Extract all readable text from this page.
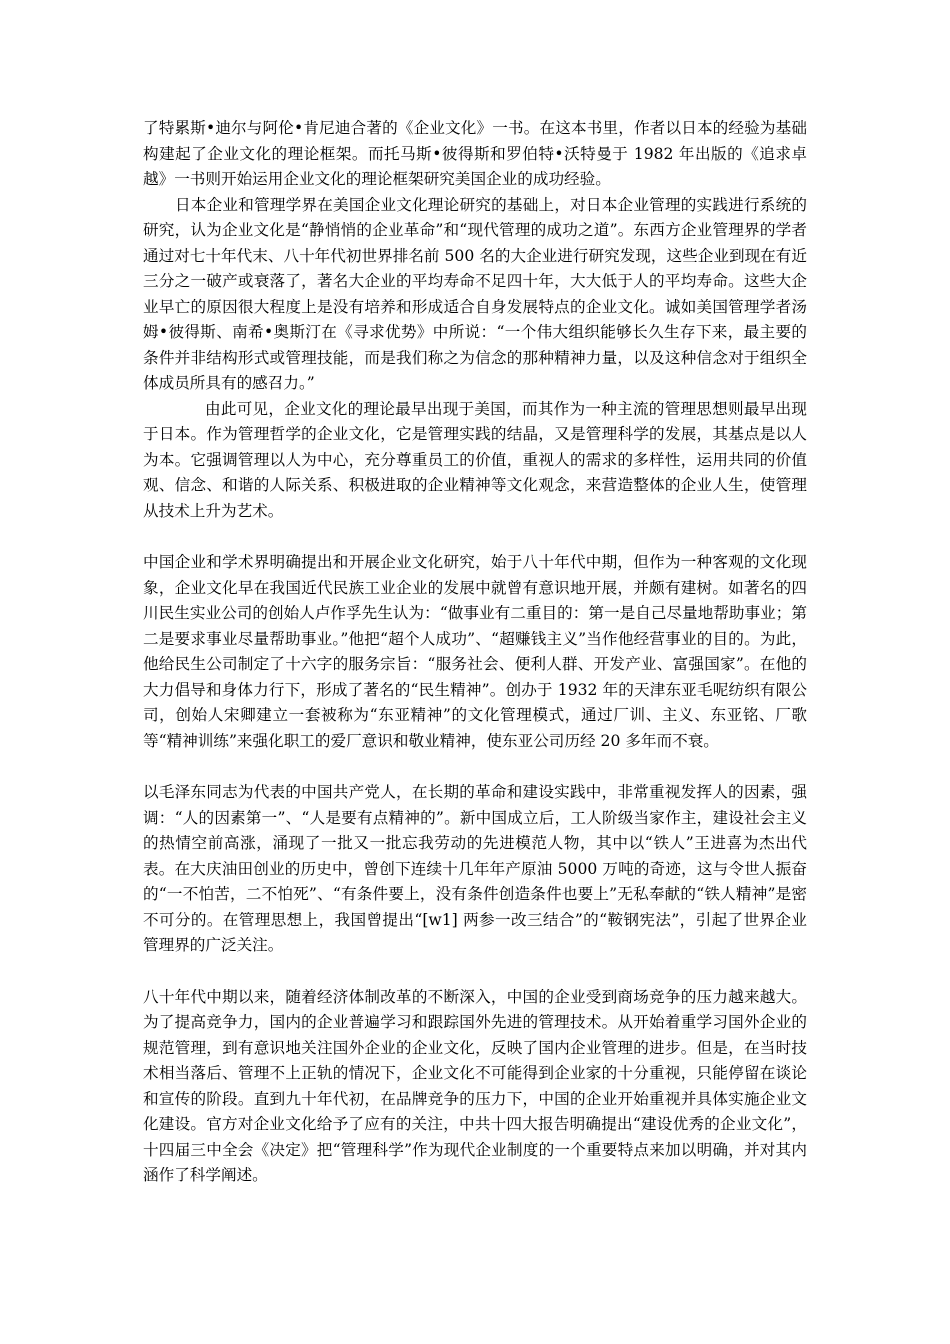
了特累斯•迪尔与阿伦•肯尼迪合著的《企业文化》一书。在这本书里，作者以日本的经验为基础构建起了企业文化的理论框架。而托马斯•彼得斯和罗伯特•沃特曼于 1982 年出版的《追求卓越》一书则开始运用企业文化的理论框架研究美国企业的成功经验。

日本企业和管理学界在美国企业文化理论研究的基础上，对日本企业管理的实践进行系统的研究，认为企业文化是“静悄悄的企业革命”和“现代管理的成功之道”。东西方企业管理界的学者通过对七十年代末、八十年代初世界排名前 500 名的大企业进行研究发现，这些企业到现在有近三分之一破产或衰落了，著名大企业的平均寿命不足四十年，大大低于人的平均寿命。这些大企业早亡的原因很大程度上是没有培养和形成适合自身发展特点的企业文化。诚如美国管理学者汤姆•彼得斯、南希•奥斯汀在《寻求优势》中所说：“一个伟大组织能够长久生存下来，最主要的条件并非结构形式或管理技能，而是我们称之为信念的那种精神力量，以及这种信念对于组织全体成员所具有的感召力。”

由此可见，企业文化的理论最早出现于美国，而其作为一种主流的管理思想则最早出现于日本。作为管理哲学的企业文化，它是管理实践的结晶，又是管理科学的发展，其基点是以人为本。它强调管理以人为中心，充分尊重员工的价值，重视人的需求的多样性，运用共同的价值观、信念、和谐的人际关系、积极进取的企业精神等文化观念，来营造整体的企业人生，使管理从技术上升为艺术。

中国企业和学术界明确提出和开展企业文化研究，始于八十年代中期，但作为一种客观的文化现象，企业文化早在我国近代民族工业企业的发展中就曾有意识地开展，并颇有建树。如著名的四川民生实业公司的创始人卢作孚先生认为：“做事业有二重目的：第一是自己尽量地帮助事业；第二是要求事业尽量帮助事业。”他把“超个人成功”、“超赚钱主义”当作他经营事业的目的。为此，他给民生公司制定了十六字的服务宗旨：“服务社会、便利人群、开发产业、富强国家”。在他的大力倡导和身体力行下，形成了著名的“民生精神”。创办于 1932 年的天津东亚毛呢纺织有限公司，创始人宋卿建立一套被称为“东亚精神”的文化管理模式，通过厂训、主义、东亚铭、厂歌等“精神训练”来强化职工的爱厂意识和敬业精神，使东亚公司历经 20 多年而不衰。

以毛泽东同志为代表的中国共产党人，在长期的革命和建设实践中，非常重视发挥人的因素，强调：“人的因素第一”、“人是要有点精神的”。新中国成立后，工人阶级当家作主，建设社会主义的热情空前高涨，涌现了一批又一批忘我劳动的先进模范人物，其中以“铁人”王进喜为杰出代表。在大庆油田创业的历史中，曾创下连续十几年年产原油 5000 万吨的奇迹，这与令世人振奋的“一不怕苦，二不怕死”、“有条件要上，没有条件创造条件也要上”无私奉献的“铁人精神”是密不可分的。在管理思想上，我国曾提出“[w1] 两参一改三结合”的“鞍钢宪法”，引起了世界企业管理界的广泛关注。

八十年代中期以来，随着经济体制改革的不断深入，中国的企业受到商场竞争的压力越来越大。为了提高竞争力，国内的企业普遍学习和跟踪国外先进的管理技术。从开始着重学习国外企业的规范管理，到有意识地关注国外企业的企业文化，反映了国内企业管理的进步。但是，在当时技术相当落后、管理不上正轨的情况下，企业文化不可能得到企业家的十分重视，只能停留在谈论和宣传的阶段。直到九十年代初，在品牌竞争的压力下，中国的企业开始重视并具体实施企业文化建设。官方对企业文化给予了应有的关注，中共十四大报告明确提出“建设优秀的企业文化”，十四届三中全会《决定》把“管理科学”作为现代企业制度的一个重要特点来加以明确，并对其内涵作了科学阐述。
